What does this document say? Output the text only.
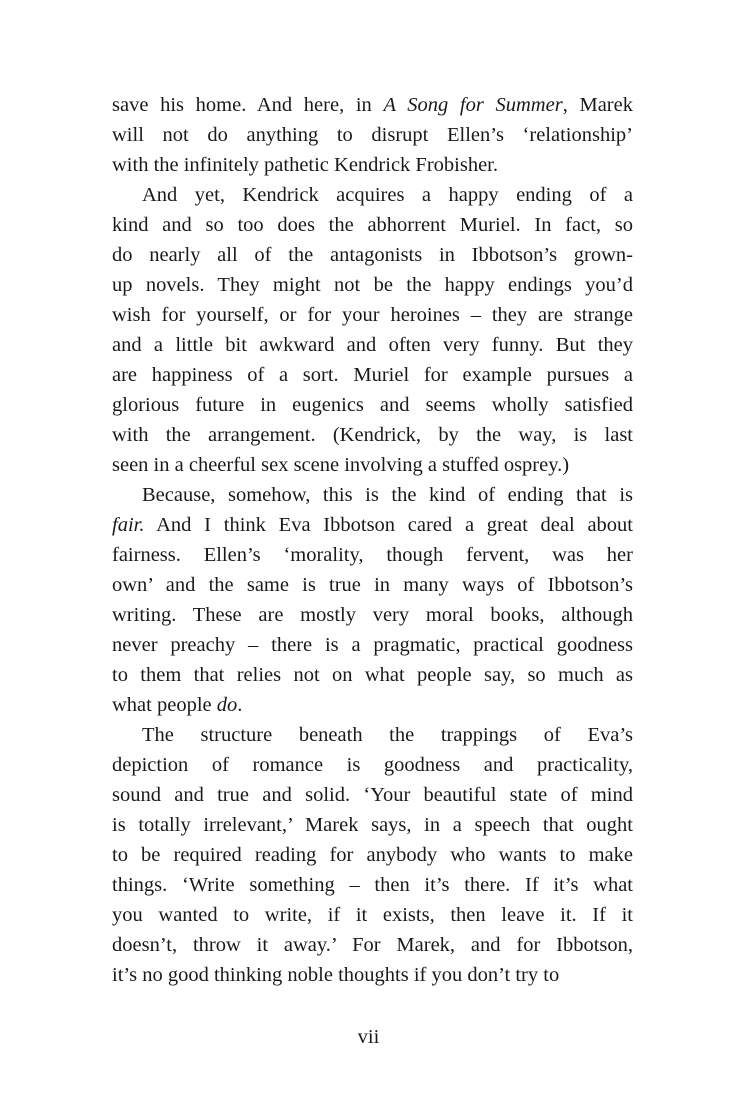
save his home. And here, in A Song for Summer, Marek
will not do anything to disrupt Ellen’s ‘relationship’
with the infinitely pathetic Kendrick Frobisher.
And yet, Kendrick acquires a happy ending of a
kind and so too does the abhorrent Muriel. In fact, so
do nearly all of the antagonists in Ibbotson’s grown-
up novels. They might not be the happy endings you’d
wish for yourself, or for your heroines – they are strange
and a little bit awkward and often very funny. But they
are happiness of a sort. Muriel for example pursues a
glorious future in eugenics and seems wholly satisfied
with the arrangement. (Kendrick, by the way, is last
seen in a cheerful sex scene involving a stuffed osprey.)
Because, somehow, this is the kind of ending that is
fair. And I think Eva Ibbotson cared a great deal about
fairness. Ellen’s ‘morality, though fervent, was her
own’ and the same is true in many ways of Ibbotson’s
writing. These are mostly very moral books, although
never preachy – there is a pragmatic, practical goodness
to them that relies not on what people say, so much as
what people do.
The structure beneath the trappings of Eva’s
depiction of romance is goodness and practicality,
sound and true and solid. ‘Your beautiful state of mind
is totally irrelevant,’ Marek says, in a speech that ought
to be required reading for anybody who wants to make
things. ‘Write something – then it’s there. If it’s what
you wanted to write, if it exists, then leave it. If it
doesn’t, throw it away.’ For Marek, and for Ibbotson,
it’s no good thinking noble thoughts if you don’t try to
vii
